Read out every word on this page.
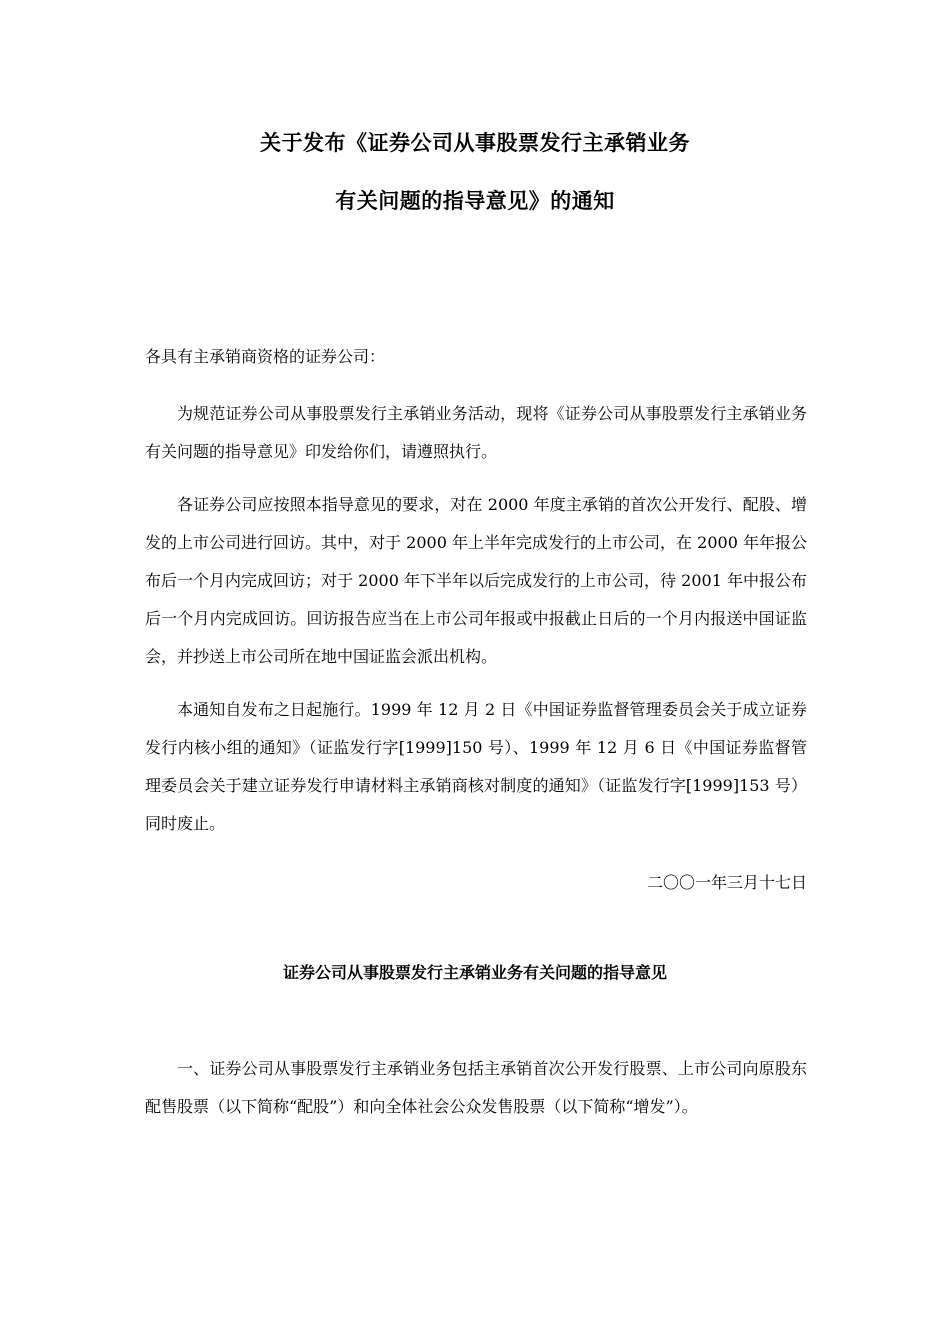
关于发布《证券公司从事股票发行主承销业务
有关问题的指导意见》的通知
各具有主承销商资格的证券公司：
为规范证券公司从事股票发行主承销业务活动，现将《证券公司从事股票发行主承销业务有关问题的指导意见》印发给你们，请遵照执行。
各证券公司应按照本指导意见的要求，对在 2000 年度主承销的首次公开发行、配股、增发的上市公司进行回访。其中，对于 2000 年上半年完成发行的上市公司，在 2000 年年报公布后一个月内完成回访；对于 2000 年下半年以后完成发行的上市公司，待 2001 年中报公布后一个月内完成回访。回访报告应当在上市公司年报或中报截止日后的一个月内报送中国证监会，并抄送上市公司所在地中国证监会派出机构。
本通知自发布之日起施行。1999 年 12 月 2 日《中国证券监督管理委员会关于成立证券发行内核小组的通知》（证监发行字[1999]150 号）、1999 年 12 月 6 日《中国证券监督管理委员会关于建立证券发行申请材料主承销商核对制度的通知》（证监发行字[1999]153 号）同时废止。
二〇〇一年三月十七日
证券公司从事股票发行主承销业务有关问题的指导意见
一、证券公司从事股票发行主承销业务包括主承销首次公开发行股票、上市公司向原股东配售股票（以下简称“配股”）和向全体社会公众发售股票（以下简称“增发”）。
